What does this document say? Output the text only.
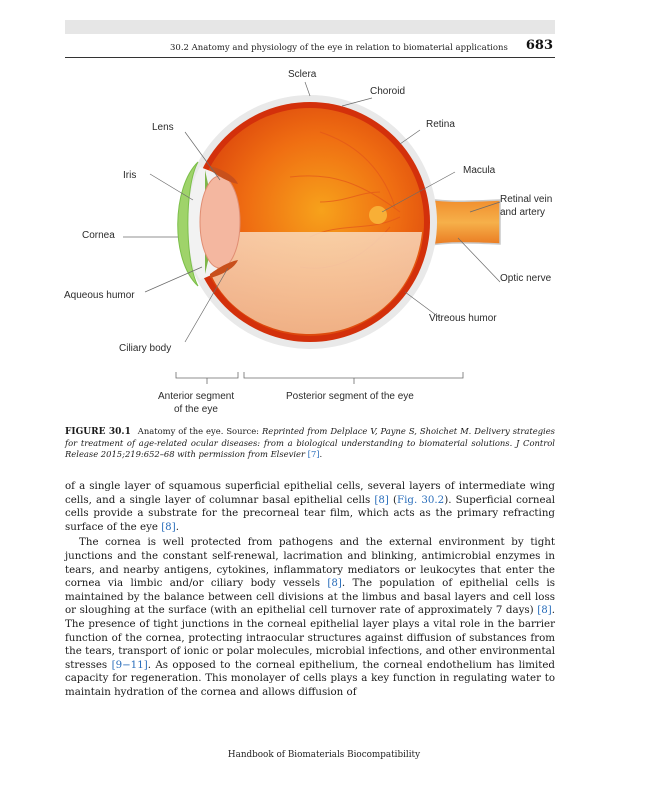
30.2 Anatomy and physiology of the eye in relation to biomaterial applications 683
Sclera
Choroid
Lens	Retina
Iris	Macula
Retinal vein
and artery
Cornea
Optic nerve
Aqueous humor
Vitreous humor
Ciliary body
Anterior segment
of the eye
Posterior segment of the eye
FIGURE 30.1 Anatomy of the eye. Source: Reprinted from Delplace V, Payne S, Shoichet M. Delivery strategies for treatment of age-related ocular diseases: from a biological understanding to biomaterial solutions. J Control Release 2015;219:652–68 with permission from Elsevier [7].

of a single layer of squamous superficial epithelial cells, several layers of intermediate wing cells, and a single layer of columnar basal epithelial cells [8] (Fig. 30.2). Superficial corneal cells provide a substrate for the precorneal tear film, which acts as the primary refracting surface of the eye [8].

The cornea is well protected from pathogens and the external environment by tight junctions and the constant self-renewal, lacrimation and blinking, antimicrobial enzymes in tears, and nearby antigens, cytokines, inflammatory mediators or leukocytes that enter the cornea via limbic and/or ciliary body vessels [8]. The population of epithelial cells is maintained by the balance between cell divisions at the limbus and basal layers and cell loss or sloughing at the surface (with an epithelial cell turnover rate of approximately 7 days) [8]. The presence of tight junctions in the corneal epithelial layer plays a vital role in the barrier function of the cornea, protecting intraocular structures against diffusion of substances from the tears, transport of ionic or polar molecules, microbial infections, and other environmental stresses [9−11]. As opposed to the corneal epithelium, the corneal endothelium has limited capacity for regeneration. This monolayer of cells plays a key function in regulating water to maintain hydration of the cornea and allows diffusion of

Handbook of Biomaterials Biocompatibility
